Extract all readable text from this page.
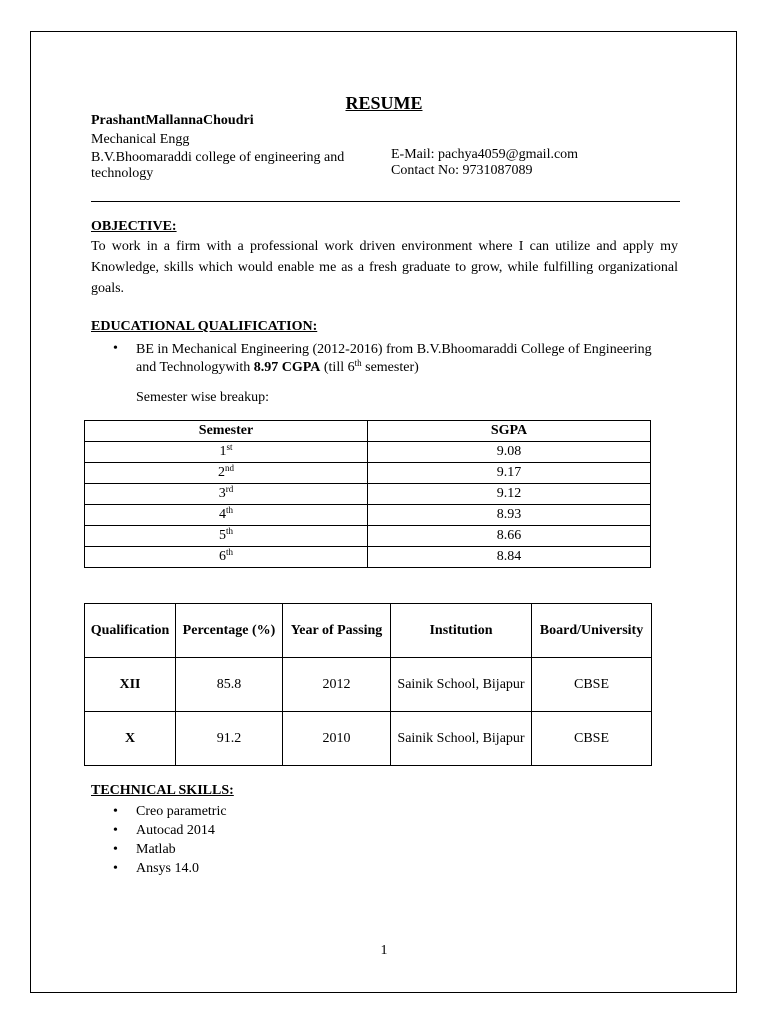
RESUME
PrashantMallannaChoudri
Mechanical Engg
B.V.Bhoomaraddi college of engineering and
technology
E-Mail: pachya4059@gmail.com
Contact No: 9731087089
OBJECTIVE:
To work in a firm with a professional work driven environment where I can utilize and apply my Knowledge, skills which would enable me as a fresh graduate to grow, while fulfilling organizational goals.
EDUCATIONAL QUALIFICATION:
• BE in Mechanical Engineering (2012-2016) from B.V.Bhoomaraddi College of Engineering
and Technologywith 8.97 CGPA (till 6th semester)
Semester wise breakup:
Semester	SGPA
1st	9.08
2nd	9.17
3rd	9.12
4th	8.93
5th	8.66
6th	8.84
Qualification	Percentage (%)	Year of Passing	Institution	Board/University
XII	85.8	2012	Sainik School, Bijapur	CBSE
X	91.2	2010	Sainik School, Bijapur	CBSE
TECHNICAL SKILLS:
• Creo parametric
• Autocad 2014
• Matlab
• Ansys 14.0
1
